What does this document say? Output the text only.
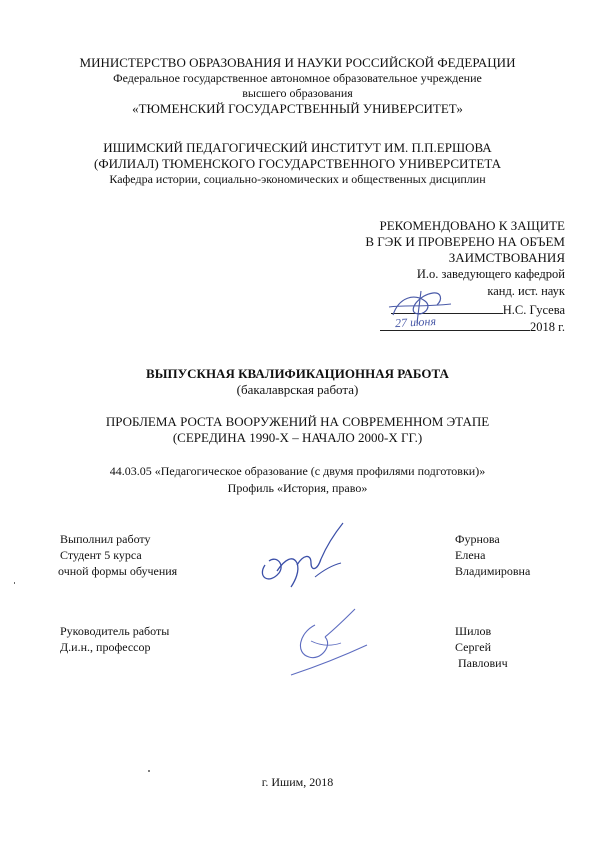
МИНИСТЕРСТВО ОБРАЗОВАНИЯ И НАУКИ РОССИЙСКОЙ ФЕДЕРАЦИИ
Федеральное государственное автономное образовательное учреждение
высшего образования
«ТЮМЕНСКИЙ ГОСУДАРСТВЕННЫЙ УНИВЕРСИТЕТ»
ИШИМСКИЙ ПЕДАГОГИЧЕСКИЙ ИНСТИТУТ ИМ. П.П.ЕРШОВА
(ФИЛИАЛ) ТЮМЕНСКОГО ГОСУДАРСТВЕННОГО УНИВЕРСИТЕТА
Кафедра истории, социально-экономических и общественных дисциплин
РЕКОМЕНДОВАНО К ЗАЩИТЕ
В ГЭК И ПРОВЕРЕНО НА ОБЪЕМ
ЗАИМСТВОВАНИЯ
И.о. заведующего кафедрой
канд. ист. наук
Н.С. Гусева
2018 г.
27 июня
ВЫПУСКНАЯ КВАЛИФИКАЦИОННАЯ РАБОТА
(бакалаврская работа)
ПРОБЛЕМА РОСТА ВООРУЖЕНИЙ НА СОВРЕМЕННОМ ЭТАПЕ
(СЕРЕДИНА 1990-Х – НАЧАЛО 2000-Х ГГ.)
44.03.05 «Педагогическое образование (с двумя профилями подготовки)»
Профиль «История, право»
Выполнил работу
Студент 5 курса
очной формы обучения
Фурнова
Елена
Владимировна
Руководитель работы
Д.и.н., профессор
Шилов
Сергей
Павлович
г. Ишим, 2018
